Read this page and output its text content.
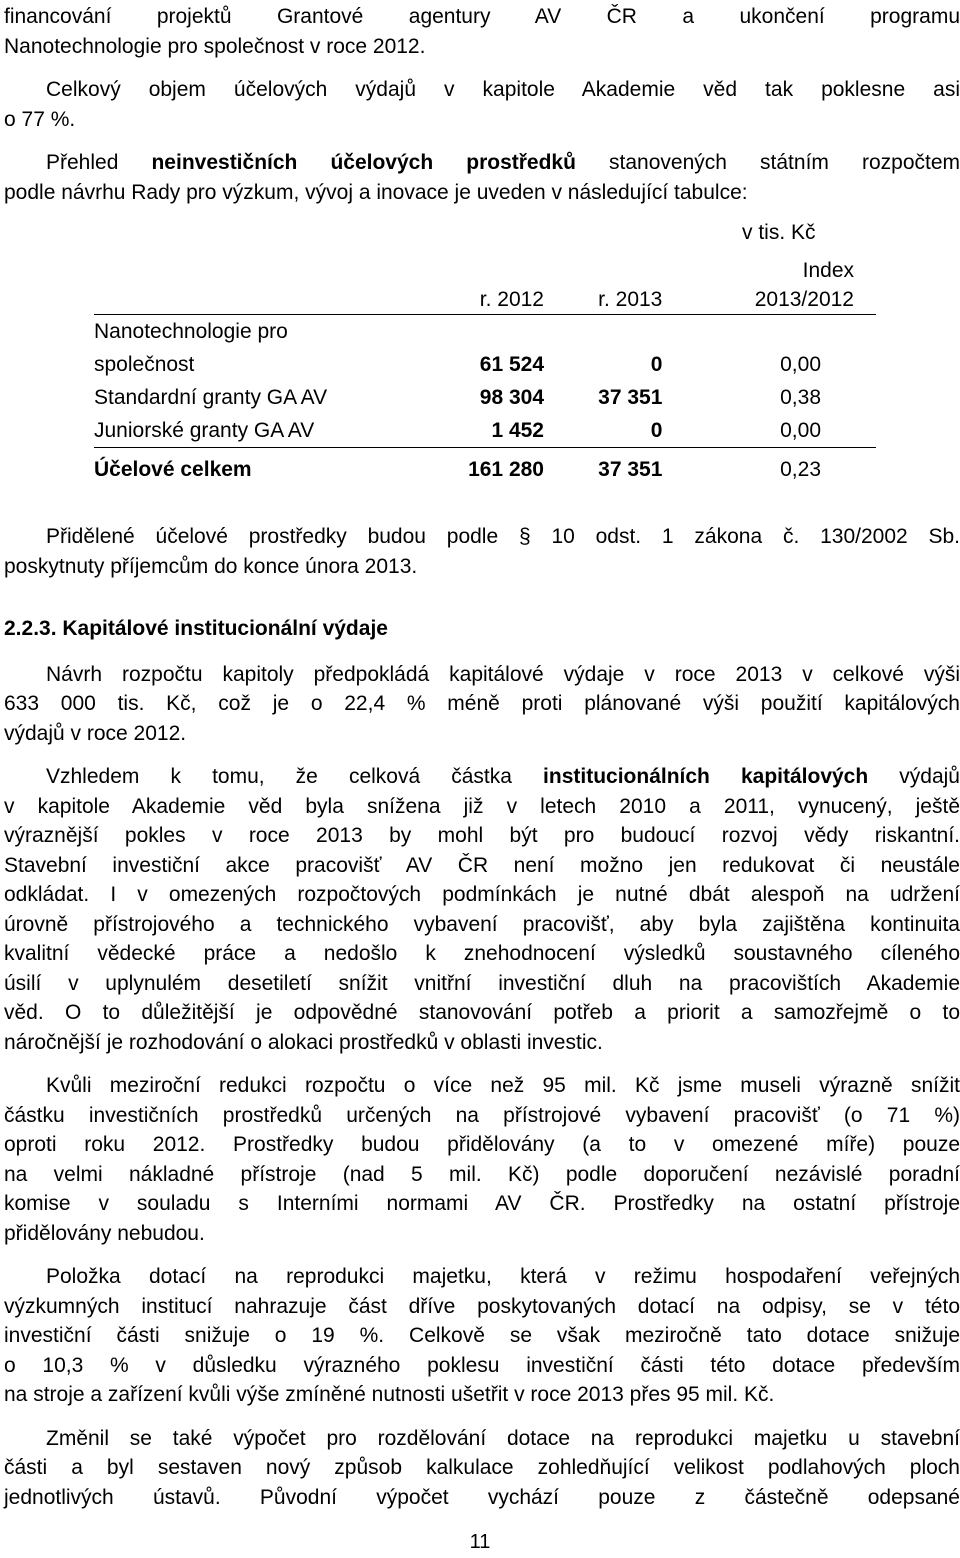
financování projektů Grantové agentury AV ČR a ukončení programu

Nanotechnologie pro společnost v roce 2012.

Celkový objem účelových výdajů v kapitole Akademie věd tak poklesne asi

o 77 %.

Přehled neinvestičních účelových prostředků stanovených státním rozpočtem

podle návrhu Rady pro výzkum, vývoj a inovace je uveden v následující tabulce:

v tis. Kč
	r. 2012	r. 2013	Index
2013/2012
Nanotechnologie pro
společnost	61 524	0	0,00
Standardní granty GA AV	98 304	37 351	0,38
Juniorské granty GA AV	1 452	0	0,00
Účelové celkem	161 280	37 351	0,23

Přidělené účelové prostředky budou podle § 10 odst. 1 zákona č. 130/2002 Sb.

poskytnuty příjemcům do konce února 2013.

2.2.3. Kapitálové institucionální výdaje

Návrh rozpočtu kapitoly předpokládá kapitálové výdaje v roce 2013 v celkové výši

633 000 tis. Kč, což je o 22,4 % méně proti plánované výši použití kapitálových

výdajů v roce 2012.

Vzhledem k tomu, že celková částka institucionálních kapitálových výdajů

v kapitole Akademie věd byla snížena již v letech 2010 a 2011, vynucený, ještě

výraznější pokles v roce 2013 by mohl být pro budoucí rozvoj vědy riskantní.

Stavební investiční akce pracovišť AV ČR není možno jen redukovat či neustále

odkládat. I v omezených rozpočtových podmínkách je nutné dbát alespoň na udržení

úrovně přístrojového a technického vybavení pracovišť, aby byla zajištěna kontinuita

kvalitní vědecké práce a nedošlo k znehodnocení výsledků soustavného cíleného

úsilí v uplynulém desetiletí snížit vnitřní investiční dluh na pracovištích Akademie

věd. O to důležitější je odpovědné stanovování potřeb a priorit a samozřejmě o to

náročnější je rozhodování o alokaci prostředků v oblasti investic.

Kvůli meziroční redukci rozpočtu o více než 95 mil. Kč jsme museli výrazně snížit

částku investičních prostředků určených na přístrojové vybavení pracovišť (o 71 %)

oproti roku 2012. Prostředky budou přidělovány (a to v omezené míře) pouze

na velmi nákladné přístroje (nad 5 mil. Kč) podle doporučení nezávislé poradní

komise v souladu s Interními normami AV ČR. Prostředky na ostatní přístroje

přidělovány nebudou.

Položka dotací na reprodukci majetku, která v režimu hospodaření veřejných

výzkumných institucí nahrazuje část dříve poskytovaných dotací na odpisy, se v této

investiční části snižuje o 19 %. Celkově se však meziročně tato dotace snižuje

o 10,3 % v důsledku výrazného poklesu investiční části této dotace především

na stroje a zařízení kvůli výše zmíněné nutnosti ušetřit v roce 2013 přes 95 mil. Kč.

Změnil se také výpočet pro rozdělování dotace na reprodukci majetku u stavební

části a byl sestaven nový způsob kalkulace zohledňující velikost podlahových ploch

jednotlivých ústavů. Původní výpočet vychází pouze z částečně odepsané

11
